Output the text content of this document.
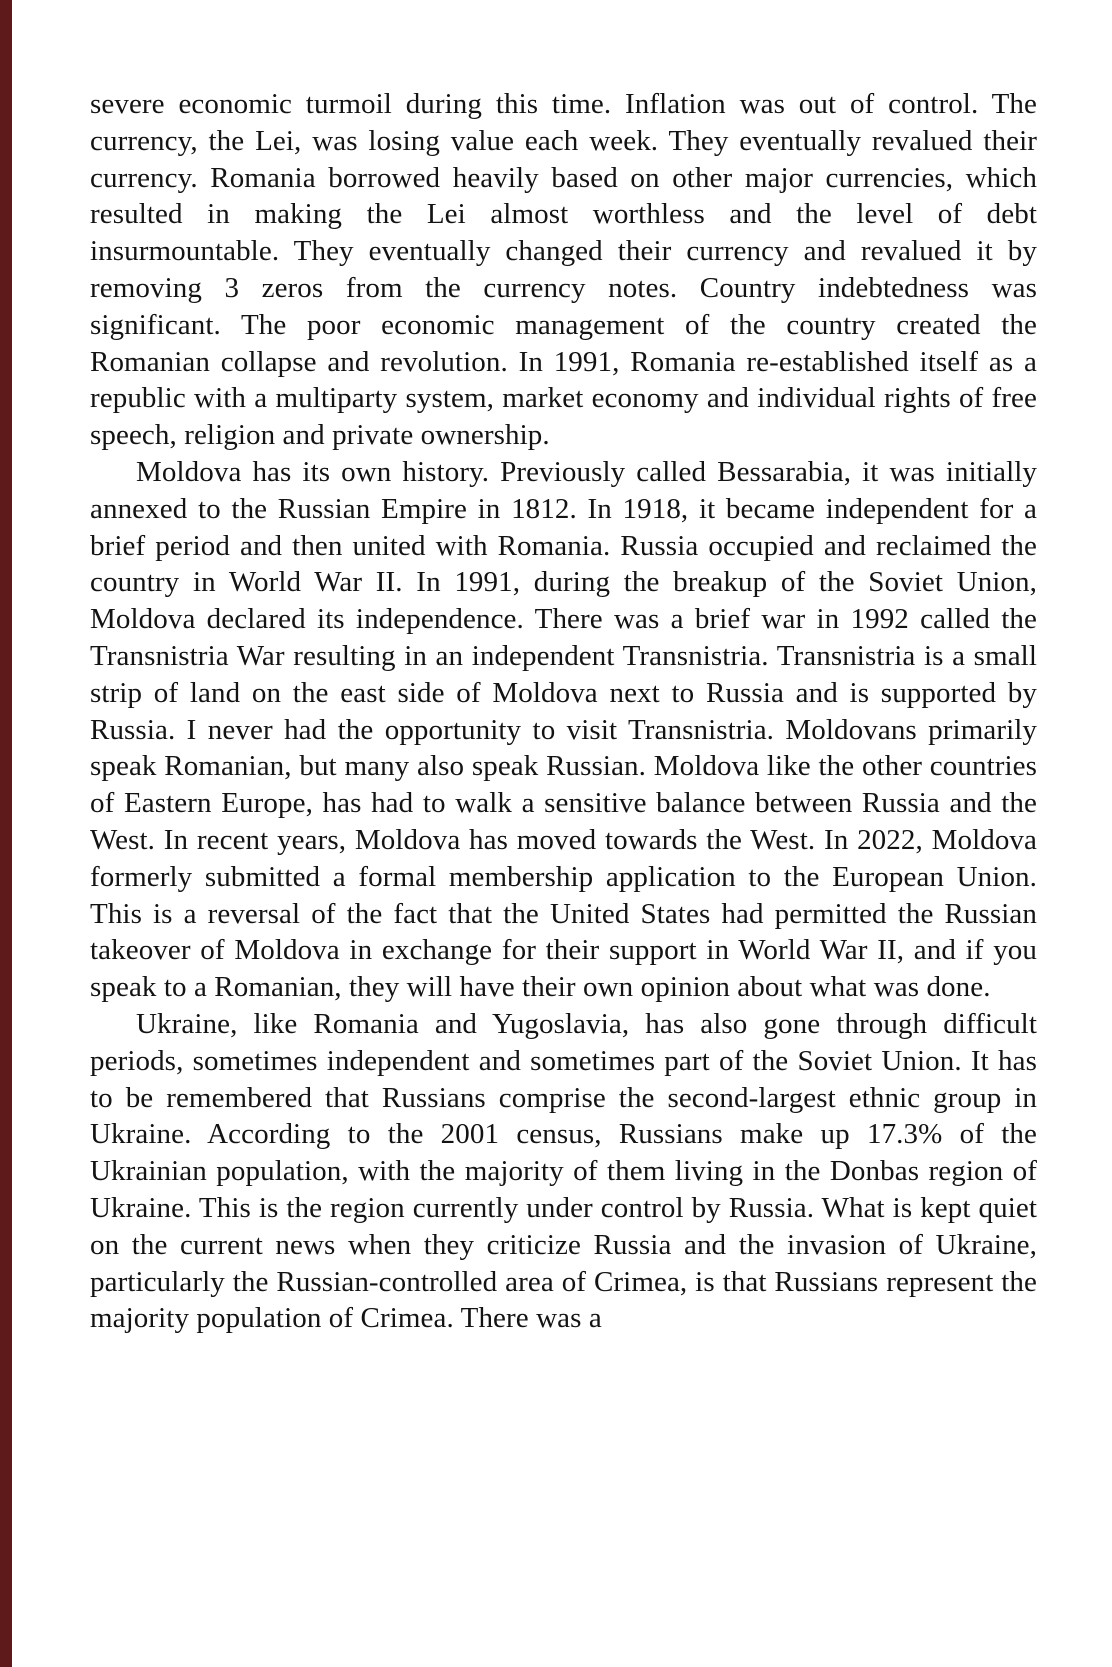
severe economic turmoil during this time. Inflation was out of control. The currency, the Lei, was losing value each week. They eventually revalued their currency. Romania borrowed heavily based on other major currencies, which resulted in making the Lei almost worthless and the level of debt insurmountable. They eventually changed their currency and revalued it by removing 3 zeros from the currency notes. Country indebtedness was significant. The poor economic management of the country created the Romanian collapse and revolution. In 1991, Romania re-established itself as a republic with a multiparty system, market economy and individual rights of free speech, religion and private ownership.

Moldova has its own history. Previously called Bessarabia, it was initially annexed to the Russian Empire in 1812. In 1918, it became independent for a brief period and then united with Romania. Russia occupied and reclaimed the country in World War II. In 1991, during the breakup of the Soviet Union, Moldova declared its independence. There was a brief war in 1992 called the Transnistria War resulting in an independent Transnistria. Transnistria is a small strip of land on the east side of Moldova next to Russia and is supported by Russia. I never had the opportunity to visit Transnistria. Moldovans primarily speak Romanian, but many also speak Russian. Moldova like the other countries of Eastern Europe, has had to walk a sensitive balance between Russia and the West. In recent years, Moldova has moved towards the West. In 2022, Moldova formerly submitted a formal membership application to the European Union. This is a reversal of the fact that the United States had permitted the Russian takeover of Moldova in exchange for their support in World War II, and if you speak to a Romanian, they will have their own opinion about what was done.

Ukraine, like Romania and Yugoslavia, has also gone through difficult periods, sometimes independent and sometimes part of the Soviet Union. It has to be remembered that Russians comprise the second-largest ethnic group in Ukraine. According to the 2001 census, Russians make up 17.3% of the Ukrainian population, with the majority of them living in the Donbas region of Ukraine. This is the region currently under control by Russia. What is kept quiet on the current news when they criticize Russia and the invasion of Ukraine, particularly the Russian-controlled area of Crimea, is that Russians represent the majority population of Crimea. There was a
